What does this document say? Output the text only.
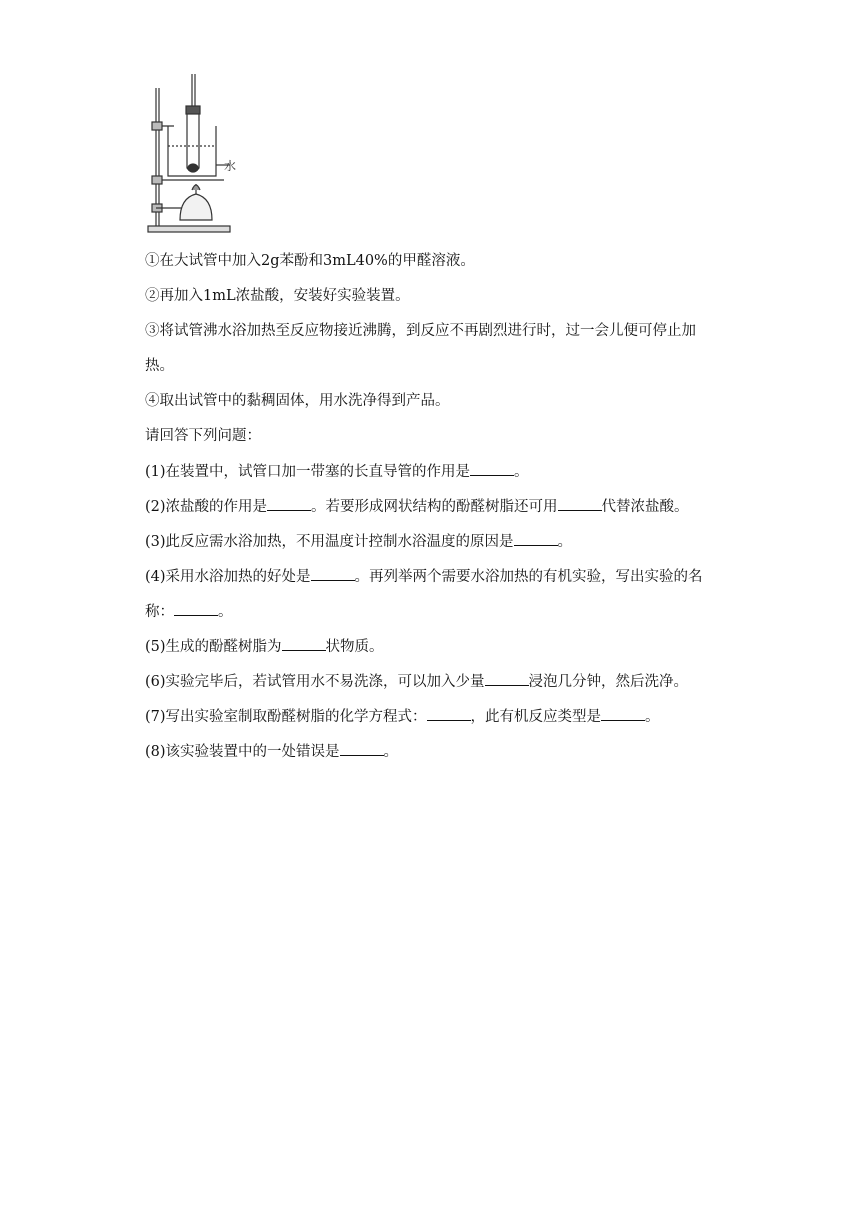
水
①在大试管中加入2g苯酚和3mL40%的甲醛溶液。
②再加入1mL浓盐酸，安装好实验装置。
③将试管沸水浴加热至反应物接近沸腾，到反应不再剧烈进行时，过一会儿便可停止加
热。
④取出试管中的黏稠固体，用水洗净得到产品。
请回答下列问题：
(1)在装置中，试管口加一带塞的长直导管的作用是	。
(2)浓盐酸的作用是	。若要形成网状结构的酚醛树脂还可用	代替浓盐酸。
(3)此反应需水浴加热，不用温度计控制水浴温度的原因是	。
(4)采用水浴加热的好处是	。再列举两个需要水浴加热的有机实验，写出实验的名
称：	。
(5)生成的酚醛树脂为	状物质。
(6)实验完毕后，若试管用水不易洗涤，可以加入少量	浸泡几分钟，然后洗净。
(7)写出实验室制取酚醛树脂的化学方程式：	，此有机反应类型是	。
(8)该实验装置中的一处错误是	。
